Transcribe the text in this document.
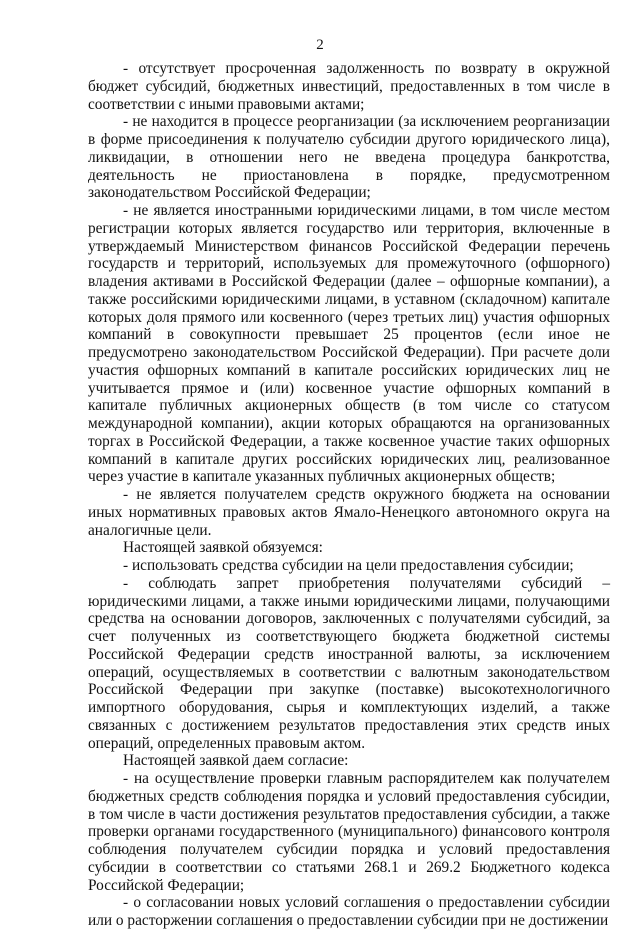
2

- отсутствует просроченная задолженность по возврату в окружной бюджет субсидий, бюджетных инвестиций, предоставленных в том числе в соответствии с иными правовыми актами;

- не находится в процессе реорганизации (за исключением реорганизации в форме присоединения к получателю субсидии другого юридического лица), ликвидации, в отношении него не введена процедура банкротства, деятельность не приостановлена в порядке, предусмотренном законодательством Российской Федерации;

- не является иностранными юридическими лицами, в том числе местом регистрации которых является государство или территория, включенные в утверждаемый Министерством финансов Российской Федерации перечень государств и территорий, используемых для промежуточного (офшорного) владения активами в Российской Федерации (далее – офшорные компании), а также российскими юридическими лицами, в уставном (складочном) капитале которых доля прямого или косвенного (через третьих лиц) участия офшорных компаний в совокупности превышает 25 процентов (если иное не предусмотрено законодательством Российской Федерации). При расчете доли участия офшорных компаний в капитале российских юридических лиц не учитывается прямое и (или) косвенное участие офшорных компаний в капитале публичных акционерных обществ (в том числе со статусом международной компании), акции которых обращаются на организованных торгах в Российской Федерации, а также косвенное участие таких офшорных компаний в капитале других российских юридических лиц, реализованное через участие в капитале указанных публичных акционерных обществ;

- не является получателем средств окружного бюджета на основании иных нормативных правовых актов Ямало-Ненецкого автономного округа на аналогичные цели.

Настоящей заявкой обязуемся:

- использовать средства субсидии на цели предоставления субсидии;

- соблюдать запрет приобретения получателями субсидий – юридическими лицами, а также иными юридическими лицами, получающими средства на основании договоров, заключенных с получателями субсидий, за счет полученных из соответствующего бюджета бюджетной системы Российской Федерации средств иностранной валюты, за исключением операций, осуществляемых в соответствии с валютным законодательством Российской Федерации при закупке (поставке) высокотехнологичного импортного оборудования, сырья и комплектующих изделий, а также связанных с достижением результатов предоставления этих средств иных операций, определенных правовым актом.

Настоящей заявкой даем согласие:

- на осуществление проверки главным распорядителем как получателем бюджетных средств соблюдения порядка и условий предоставления субсидии, в том числе в части достижения результатов предоставления субсидии, а также проверки органами государственного (муниципального) финансового контроля соблюдения получателем субсидии порядка и условий предоставления субсидии в соответствии со статьями 268.1 и 269.2 Бюджетного кодекса Российской Федерации;

- о согласовании новых условий соглашения о предоставлении субсидии или о расторжении соглашения о предоставлении субсидии при не достижении
